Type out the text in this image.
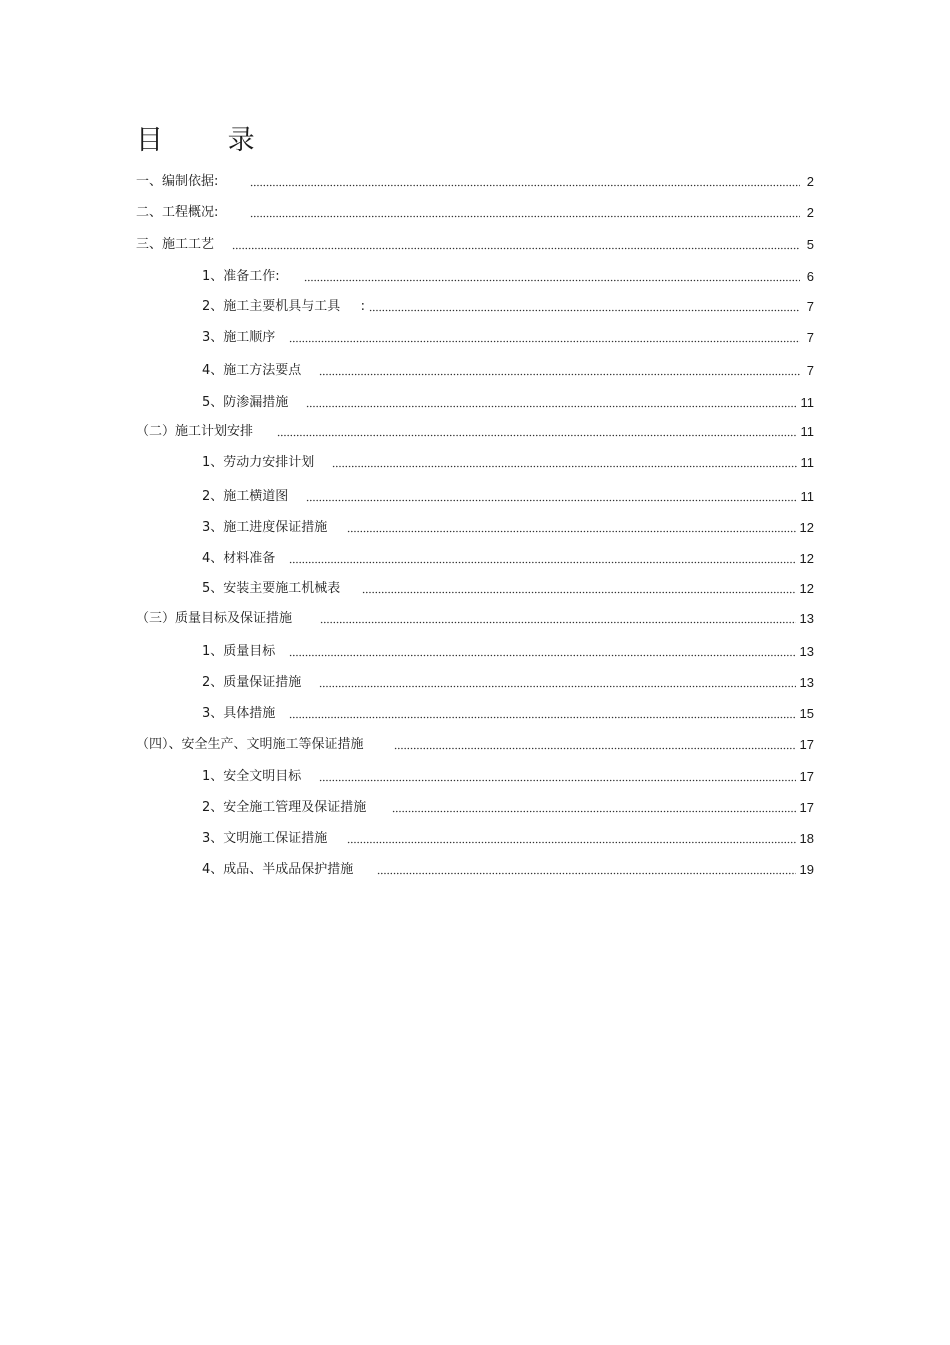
目 录
一、编制依据:	2
二、工程概况:	2
三、施工工艺	5
1、准备工作:	6
2、施工主要机具与工具 :	7
3、施工顺序	7
4、施工方法要点	7
5、防渗漏措施	11
（二）施工计划安排	11
1、劳动力安排计划	11
2、施工横道图	11
3、施工进度保证措施	12
4、材料准备	12
5、安装主要施工机械表	12
（三）质量目标及保证措施	13
1、质量目标	13
2、质量保证措施	13
3、具体措施	15
（四）、安全生产、文明施工等保证措施	17
1、安全文明目标	17
2、安全施工管理及保证措施	17
3、文明施工保证措施	18
4、成品、半成品保护措施	19
